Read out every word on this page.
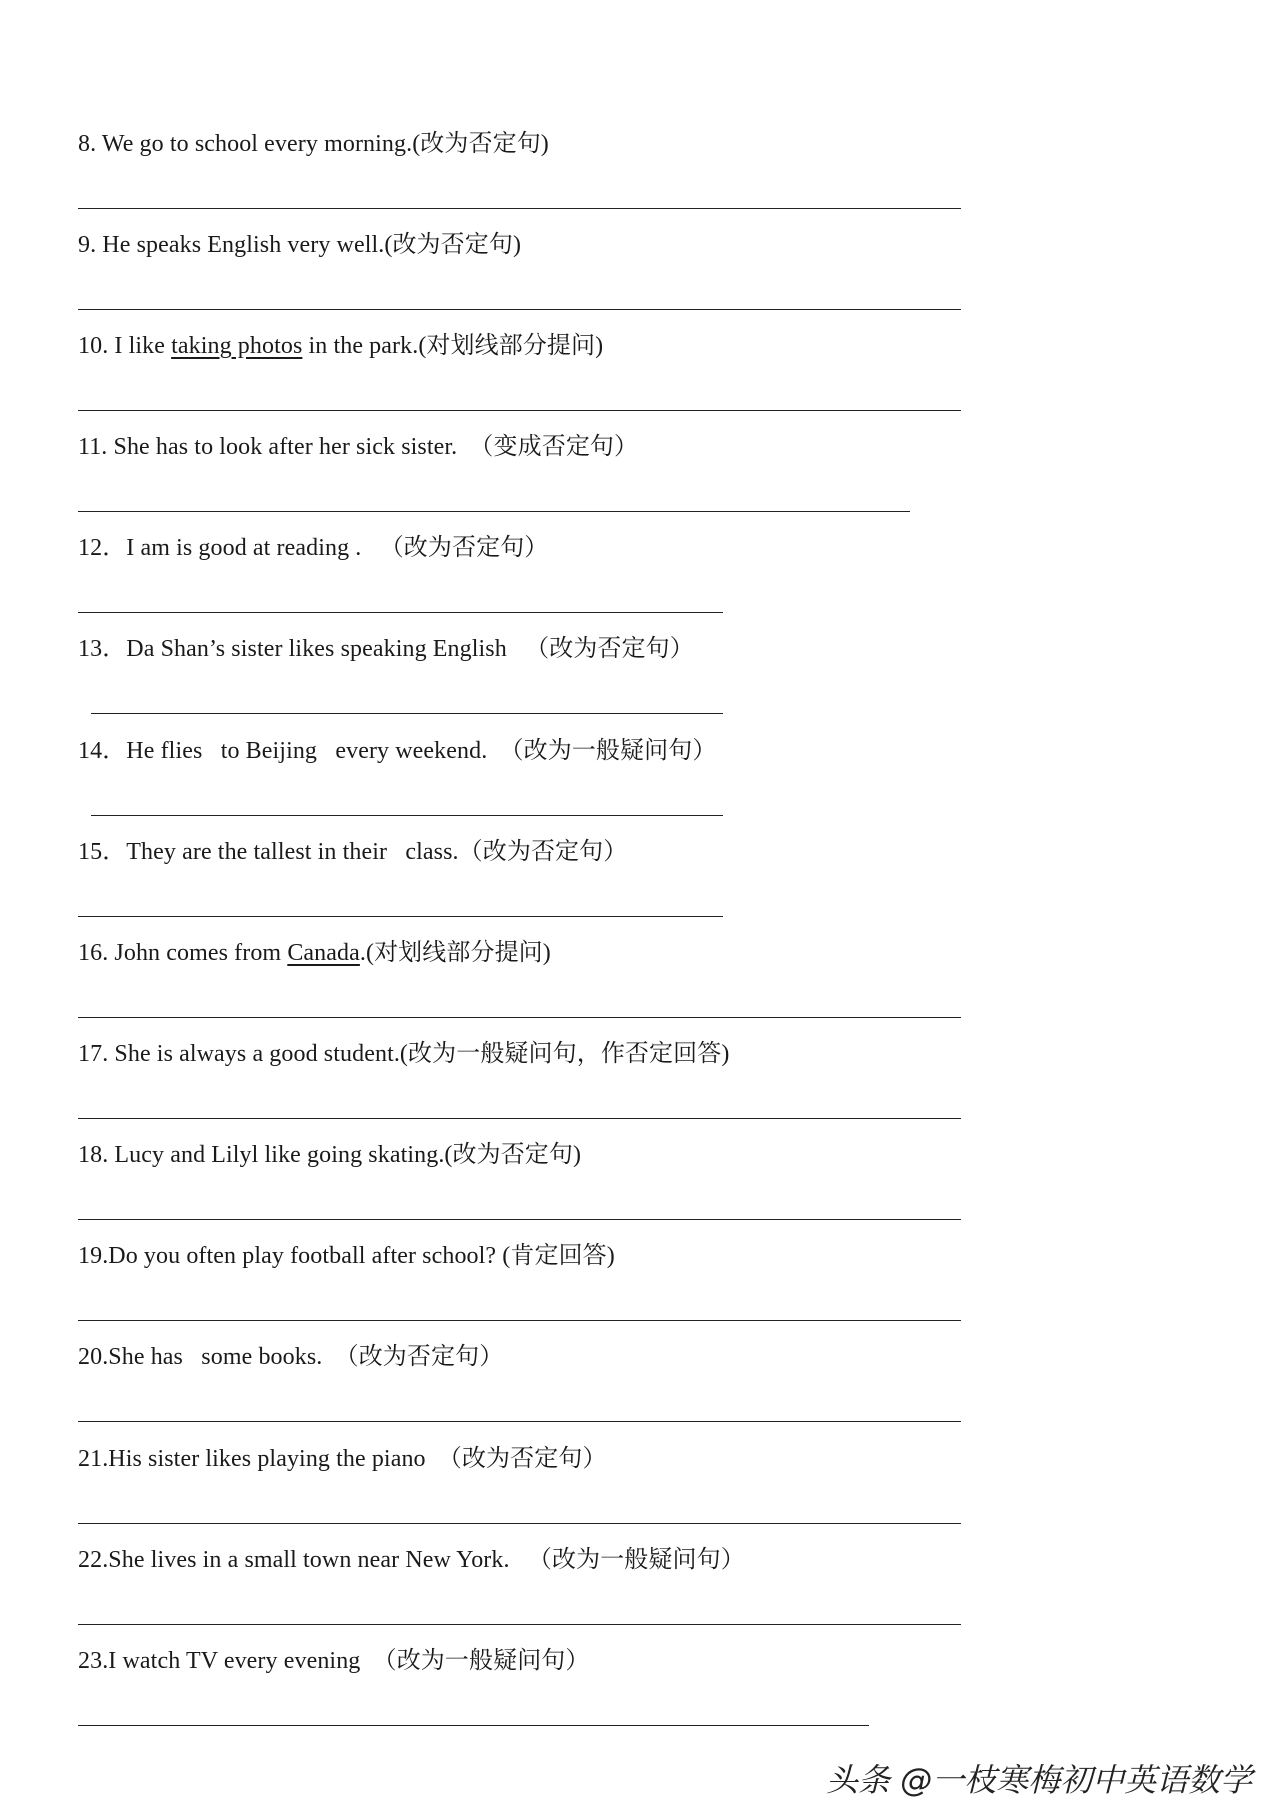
8. We go to school every morning.(改为否定句)
9. He speaks English very well.(改为否定句)
10. I like taking photos in the park.(对划线部分提问)
11. She has to look after her sick sister.  （变成否定句）
12．I am is good at reading .   （改为否定句）
13．Da Shan’s sister likes speaking English   （改为否定句）
14．He flies   to Beijing   every weekend.  （改为一般疑问句）
15．They are the tallest in their   class.（改为否定句）
16. John comes from Canada.(对划线部分提问)
17. She is always a good student.(改为一般疑问句，作否定回答)
18. Lucy and Lilyl like going skating.(改为否定句)
19.Do you often play football after school? (肯定回答)
20.She has   some books.  （改为否定句）
21.His sister likes playing the piano  （改为否定句）
22.She lives in a small town near New York.   （改为一般疑问句）
23.I watch TV every evening  （改为一般疑问句）
头条 @一枝寒梅初中英语数学
